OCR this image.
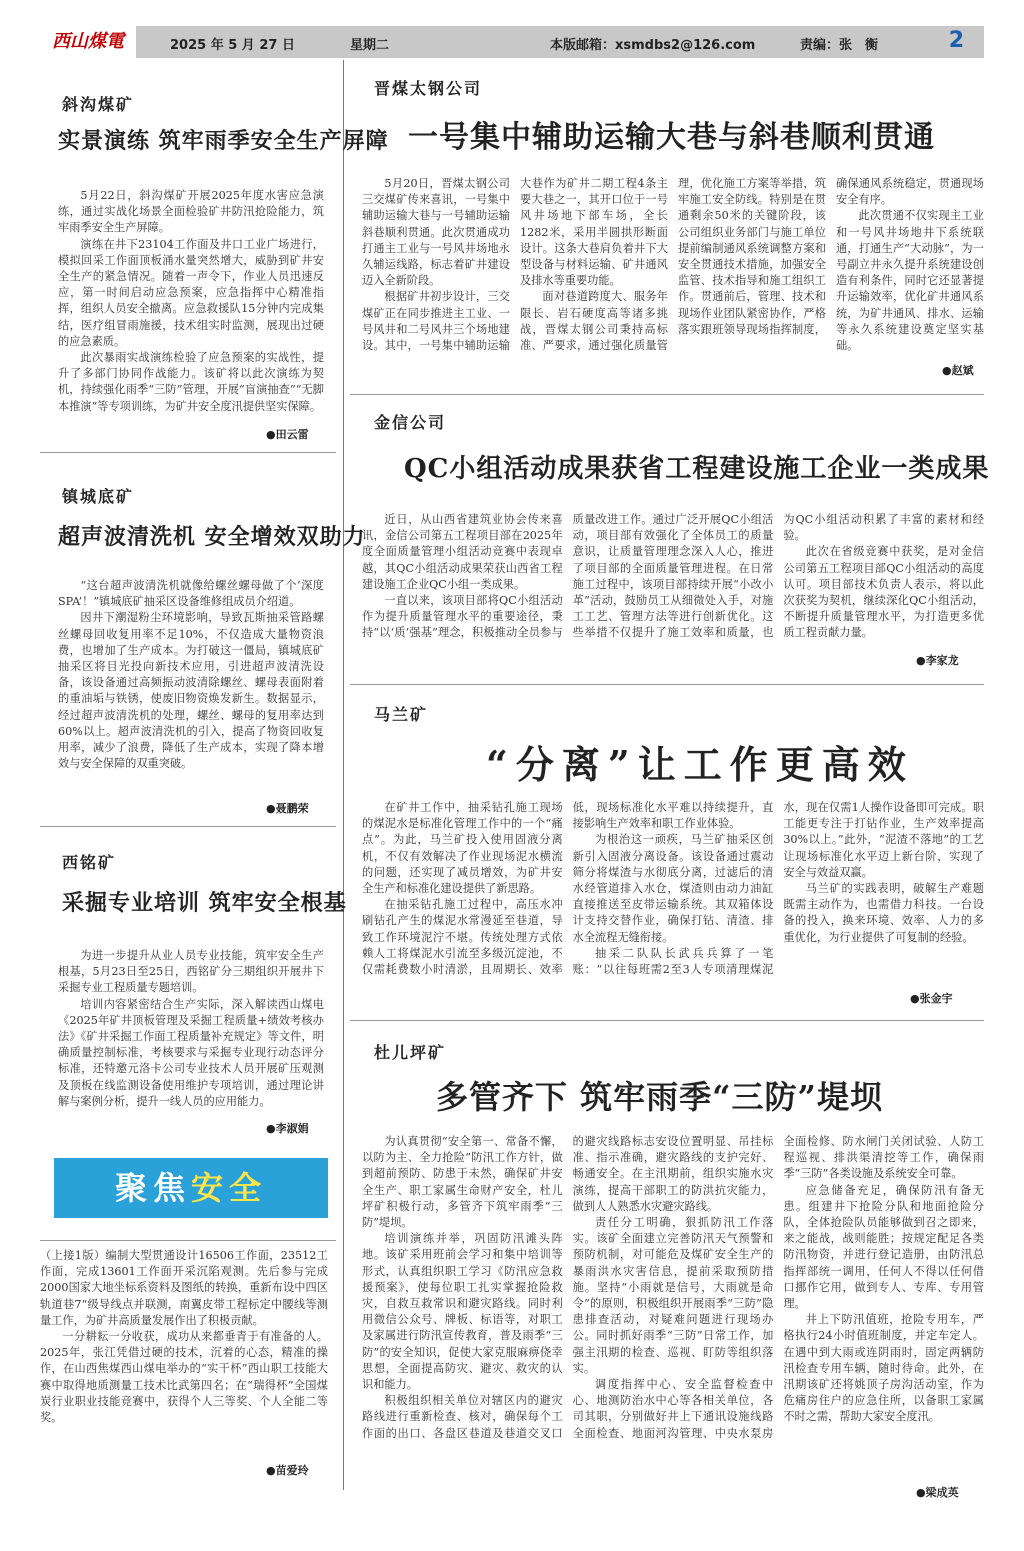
西山煤電	2025 年 5 月 27 日	星期二	本版邮箱：xsmdbs2@126.com	责编：张　衡	2
斜沟煤矿
实景演练 筑牢雨季安全生产屏障

5月22日，斜沟煤矿开展2025年度水害应急演练，通过实战化场景全面检验矿井防汛抢险能力，筑牢雨季安全生产屏障。

演练在井下23104工作面及井口工业广场进行，模拟回采工作面顶板涌水量突然增大，威胁到矿井安全生产的紧急情况。随着一声令下，作业人员迅速反应，第一时间启动应急预案，应急指挥中心精准指挥，组织人员安全撤离。应急救援队15分钟内完成集结，医疗组冒雨施援，技术组实时监测，展现出过硬的应急素质。

此次暴雨实战演练检验了应急预案的实战性，提升了多部门协同作战能力。该矿将以此次演练为契机，持续强化雨季“三防”管理，开展“盲演抽查”“无脚本推演”等专项训练，为矿井安全度汛提供坚实保障。

●田云雷
镇城底矿
超声波清洗机 安全增效双助力

“这台超声波清洗机就像给螺丝螺母做了个‘深度SPA’！”镇城底矿抽采区设备维修组成员介绍道。

因井下潮湿粉尘环境影响，导致瓦斯抽采管路螺丝螺母回收复用率不足10%，不仅造成大量物资浪费，也增加了生产成本。为打破这一僵局，镇城底矿抽采区将目光投向新技术应用，引进超声波清洗设备，该设备通过高频振动波清除螺丝、螺母表面附着的重油垢与铁锈，使废旧物资焕发新生。数据显示，经过超声波清洗机的处理，螺丝、螺母的复用率达到60%以上。超声波清洗机的引入，提高了物资回收复用率，减少了浪费，降低了生产成本，实现了降本增效与安全保障的双重突破。

●聂鹏荣
西铭矿
采掘专业培训 筑牢安全根基

为进一步提升从业人员专业技能，筑牢安全生产根基，5月23日至25日，西铭矿分三期组织开展井下采掘专业工程质量专题培训。

培训内容紧密结合生产实际，深入解读西山煤电《2025年矿井顶板管理及采掘工程质量+绩效考核办法》《矿井采掘工作面工程质量补充规定》等文件，明确质量控制标准，考核要求与采掘专业现行动态评分标准，还特邀元洛卡公司专业技术人员开展矿压观测及顶板在线监测设备使用维护专项培训，通过理论讲解与案例分析，提升一线人员的应用能力。

●李淑娟
聚焦安全

（上接1版）编制大型贯通设计16506工作面，23512工作面，完成13601工作面开采沉陷观测。先后参与完成2000国家大地坐标系资料及图纸的转换，重新布设中四区轨道巷7“级导线点并联测，南翼皮带工程标定中腰线等测量工作，为矿井高质量发展作出了积极贡献。

一分耕耘一分收获，成功从来都垂青于有准备的人。2025年，张江凭借过硬的技术，沉着的心态，精准的操作，在山西焦煤西山煤电举办的“实干杯”西山职工技能大赛中取得地质测量工技术比武第四名；在“瑞得杯”全国煤炭行业职业技能竞赛中，获得个人三等奖、个人全能二等奖。

●苗爱玲
晋煤太钢公司
一号集中辅助运输大巷与斜巷顺利贯通

5月20日，晋煤太钢公司三交煤矿传来喜讯，一号集中辅助运输大巷与一号辅助运输斜巷顺利贯通。此次贯通成功打通主工业与一号风井场地永久辅运线路，标志着矿井建设迈入全新阶段。

根据矿井初步设计，三交煤矿正在同步推进主工业、一号风井和二号风井三个场地建设。其中，一号集中辅助运输大巷作为矿井二期工程4条主要大巷之一，其开口位于一号风井场地下部车场，全长1282米，采用半圆拱形断面设计。这条大巷肩负着井下大型设备与材料运输、矿井通风及排水等重要功能。

面对巷道跨度大、服务年限长、岩石硬度高等诸多挑战，晋煤太钢公司秉持高标准、严要求，通过强化质量管理，优化施工方案等举措，筑牢施工安全防线。特别是在贯通剩余50米的关键阶段，该公司组织业务部门与施工单位提前编制通风系统调整方案和安全贯通技术措施，加强安全监管、技术指导和施工组织工作。贯通前后，管理、技术和现场作业团队紧密协作，严格落实跟班领导现场指挥制度，确保通风系统稳定，贯通现场安全有序。

此次贯通不仅实现主工业和一号风井场地井下系统联通，打通生产“大动脉”，为一号副立井永久提升系统建设创造有利条件，同时它还显著提升运输效率，优化矿井通风系统，为矿井通风、排水、运输等永久系统建设奠定坚实基础。

●赵斌
金信公司
QC小组活动成果获省工程建设施工企业一类成果

近日，从山西省建筑业协会传来喜讯，金信公司第五工程项目部在2025年度全面质量管理小组活动竞赛中表现卓越，其QC小组活动成果荣获山西省工程建设施工企业QC小组一类成果。

一直以来，该项目部将QC小组活动作为提升质量管理水平的重要途径，秉持“以‘质’强基”理念，积极推动全员参与质量改进工作。通过广泛开展QC小组活动，项目部有效强化了全体员工的质量意识，让质量管理理念深入人心，推进了项目部的全面质量管理进程。在日常施工过程中，该项目部持续开展“小改小革”活动，鼓励员工从细微处入手，对施工工艺、管理方法等进行创新优化。这些举措不仅提升了施工效率和质量，也为QC小组活动积累了丰富的素材和经验。

此次在省级竞赛中获奖，是对金信公司第五工程项目部QC小组活动的高度认可。项目部技术负责人表示，将以此次获奖为契机，继续深化QC小组活动，不断提升质量管理水平，为打造更多优质工程贡献力量。

●李家龙
马兰矿
“分离”让工作更高效

在矿井工作中，抽采钻孔施工现场的煤泥水是标准化管理工作中的一个“痛点”。为此，马兰矿投入使用固液分离机，不仅有效解决了作业现场泥水横流的问题，还实现了减员增效，为矿井安全生产和标准化建设提供了新思路。

在抽采钻孔施工过程中，高压水冲刷钻孔产生的煤泥水常漫延至巷道，导致工作环境泥泞不堪。传统处理方式依赖人工将煤泥水引流至多级沉淀池，不仅需耗费数小时清淤，且周期长、效率低，现场标准化水平难以持续提升，直接影响生产效率和职工作业体验。

为根治这一顽疾，马兰矿抽采区创新引入固液分离设备。该设备通过震动筛分将煤渣与水彻底分离，过滤后的清水经管道排入水仓，煤渣则由动力油缸直接推送至皮带运输系统。其双箱体设计支持交替作业，确保打钻、清渣、排水全流程无缝衔接。

抽采二队队长武兵兵算了一笔账：“以往每班需2至3人专项清理煤泥水，现在仅需1人操作设备即可完成。职工能更专注于打钻作业，生产效率提高30%以上。”此外，“泥渣不落地”的工艺让现场标准化水平迈上新台阶，实现了安全与效益双赢。

马兰矿的实践表明，破解生产难题既需主动作为，也需借力科技。一台设备的投入，换来环境、效率、人力的多重优化，为行业提供了可复制的经验。

●张金宇
杜儿坪矿
多管齐下 筑牢雨季“三防”堤坝

为认真贯彻“安全第一、常备不懈，以防为主、全力抢险”防汛工作方针，做到超前预防、防患于未然，确保矿井安全生产、职工家属生命财产安全，杜儿坪矿积极行动，多管齐下筑牢雨季“三防”堤坝。

培训演练并举，巩固防汛滩头阵地。该矿采用班前会学习和集中培训等形式，认真组织职工学习《防汛应急救援预案》，使每位职工扎实掌握抢险救灾，自救互救常识和避灾路线。同时利用微信公众号、牌板、标语等，对职工及家属进行防汛宣传教育，普及雨季“三防”的安全知识，促使大家克服麻痹侥幸思想，全面提高防灾、避灾、救灾的认识和能力。

积极组织相关单位对辖区内的避灾路线进行重新检查、核对，确保每个工作面的出口、各盘区巷道及巷道交叉口的避灾线路标志安设位置明显、吊挂标准、指示准确，避灾路线的支护完好、畅通安全。在主汛期前，组织实施水灾演练，提高干部职工的防洪抗灾能力，做到人人熟悉水灾避灾路线。

责任分工明确，狠抓防汛工作落实。该矿全面建立完善防汛天气预警和预防机制，对可能危及煤矿安全生产的暴雨洪水灾害信息，提前采取预防措施。坚持“小雨就是信号，大雨就是命令”的原则，积极组织开展雨季“三防”隐患排查活动，对疑难问题进行现场办公。同时抓好雨季“三防”日常工作，加强主汛期的检查、巡视、盯防等组织落实。

调度指挥中心、安全监督检查中心、地测防治水中心等各相关单位，各司其职，分别做好井上下通讯设施线路全面检查、地面河沟管理、中央水泵房全面检修、防水闸门关闭试验、人防工程巡视、排洪渠清挖等工作，确保雨季“三防”各类设施及系统安全可靠。

应急储备充足，确保防汛有备无患。组建井下抢险分队和地面抢险分队，全体抢险队员能够做到召之即来，来之能战，战则能胜；按规定配足各类防汛物资，并进行登记造册，由防汛总指挥部统一调用，任何人不得以任何借口挪作它用，做到专人、专库、专用管理。

井上下防汛值班，抢险专用车，严格执行24小时值班制度，并定车定人。在遇中到大雨或连阴雨时，固定两辆防汛检查专用车辆，随时待命。此外，在汛期该矿还将姚顶子房沟活动室，作为危痛房住户的应急住所，以备职工家属不时之需，帮助大家安全度汛。

●梁成英
